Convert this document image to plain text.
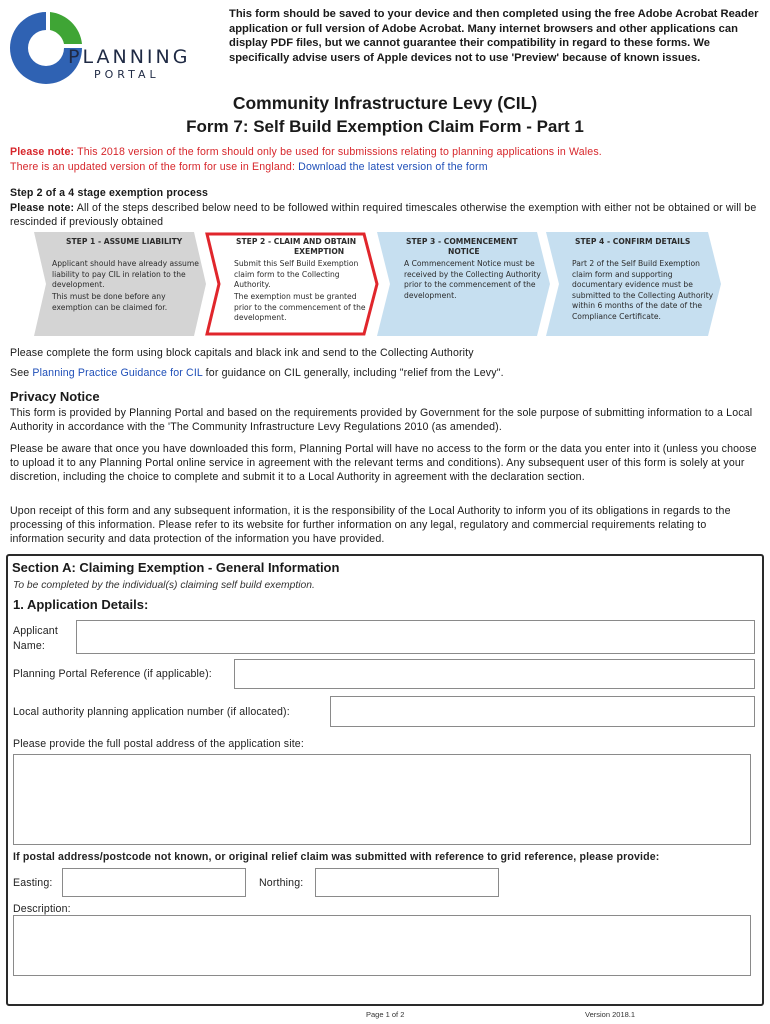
PLANNING
PORTAL
This form should be saved to your device and then completed using the free Adobe Acrobat Reader application or full version of Adobe Acrobat. Many internet browsers and other applications can display PDF files, but we cannot guarantee their compatibility in regard to these forms. We specifically advise users of Apple devices not to use 'Preview' because of known issues.
Community Infrastructure Levy (CIL)
Form 7: Self Build Exemption Claim Form - Part 1
Please note: This 2018 version of the form should only be used for submissions relating to planning applications in Wales.
There is an updated version of the form for use in England: Download the latest version of the form
Step 2 of a 4 stage exemption process
Please note: All of the steps described below need to be followed within required timescales otherwise the exemption with either not be obtained or will be rescinded if previously obtained
STEP 1 - ASSUME LIABILITY
Applicant should have already assume liability to pay CIL in relation to the development.
This must be done before any exemption can be claimed for.
STEP 2 - CLAIM AND OBTAIN
EXEMPTION
Submit this Self Build Exemption claim form to the Collecting Authority.
The exemption must be granted prior to the commencement of the development.
STEP 3 - COMMENCEMENT
NOTICE
A Commencement Notice must be received by the Collecting Authority prior to the commencement of the development.
STEP 4 - CONFIRM DETAILS
Part 2 of the Self Build Exemption claim form and supporting documentary evidence must be submitted to the Collecting Authority within 6 months of the date of the Compliance Certificate.
Please complete the form using block capitals and black ink and send to the Collecting Authority
See Planning Practice Guidance for CIL for guidance on CIL generally, including "relief from the Levy".
Privacy Notice
This form is provided by Planning Portal and based on the requirements provided by Government for the sole purpose of submitting information to a Local Authority in accordance with the 'The Community Infrastructure Levy Regulations 2010 (as amended).
Please be aware that once you have downloaded this form, Planning Portal will have no access to the form or the data you enter into it (unless you choose to upload it to any Planning Portal online service in agreement with the relevant terms and conditions). Any subsequent user of this form is solely at your discretion, including the choice to complete and submit it to a Local Authority in agreement with the declaration section.
Upon receipt of this form and any subsequent information, it is the responsibility of the Local Authority to inform you of its obligations in regards to the processing of this information. Please refer to its website for further information on any legal, regulatory and commercial requirements relating to information security and data protection of the information you have provided.
Section A: Claiming Exemption - General Information
To be completed by the individual(s) claiming self build exemption.
1. Application Details:
Applicant
Name:
Planning Portal Reference (if applicable):
Local authority planning application number (if allocated):
Please provide the full postal address of the application site:
If postal address/postcode not known, or original relief claim was submitted with reference to grid reference, please provide:
Easting:	Northing:
Description:
Page 1 of 2	Version 2018.1
